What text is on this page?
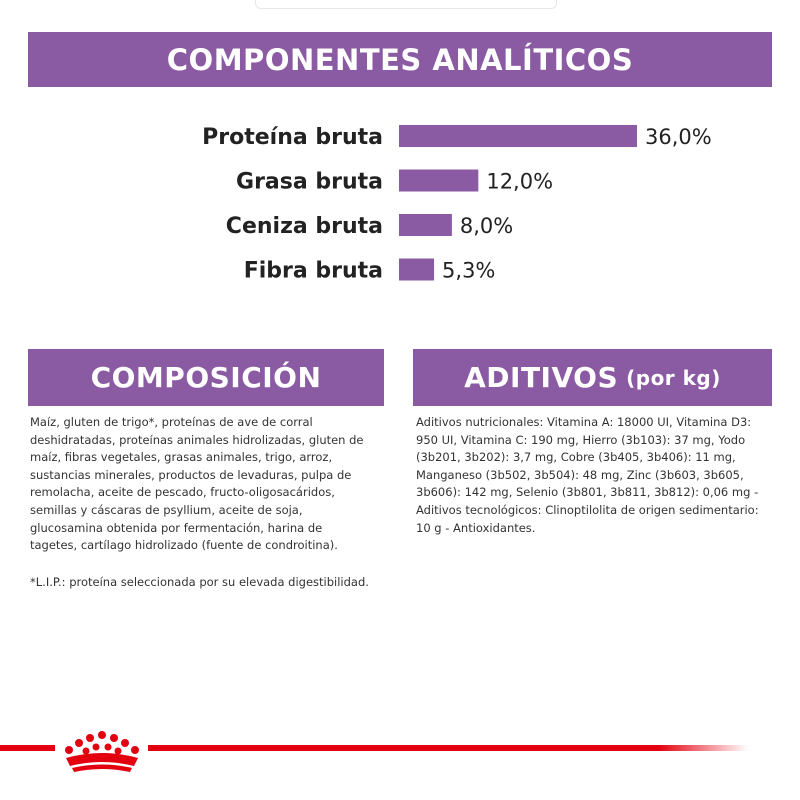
COMPONENTES ANALÍTICOS
Proteína bruta	36,0%
Grasa bruta	12,0%
Ceniza bruta	8,0%
Fibra bruta	5,3%
COMPOSICIÓN	ADITIVOS (por kg)
Maíz, gluten de trigo*, proteínas de ave de corral deshidratadas, proteínas animales hidrolizadas, gluten de maíz, fibras vegetales, grasas animales, trigo, arroz, sustancias minerales, productos de levaduras, pulpa de remolacha, aceite de pescado, fructo-oligosacáridos, semillas y cáscaras de psyllium, aceite de soja, glucosamina obtenida por fermentación, harina de tagetes, cartílago hidrolizado (fuente de condroitina).
*L.I.P.: proteína seleccionada por su elevada digestibilidad.
Aditivos nutricionales: Vitamina A: 18000 UI, Vitamina D3: 950 UI, Vitamina C: 190 mg, Hierro (3b103): 37 mg, Yodo (3b201, 3b202): 3,7 mg, Cobre (3b405, 3b406): 11 mg, Manganeso (3b502, 3b504): 48 mg, Zinc (3b603, 3b605, 3b606): 142 mg, Selenio (3b801, 3b811, 3b812): 0,06 mg - Aditivos tecnológicos: Clinoptilolita de origen sedimentario: 10 g - Antioxidantes.
